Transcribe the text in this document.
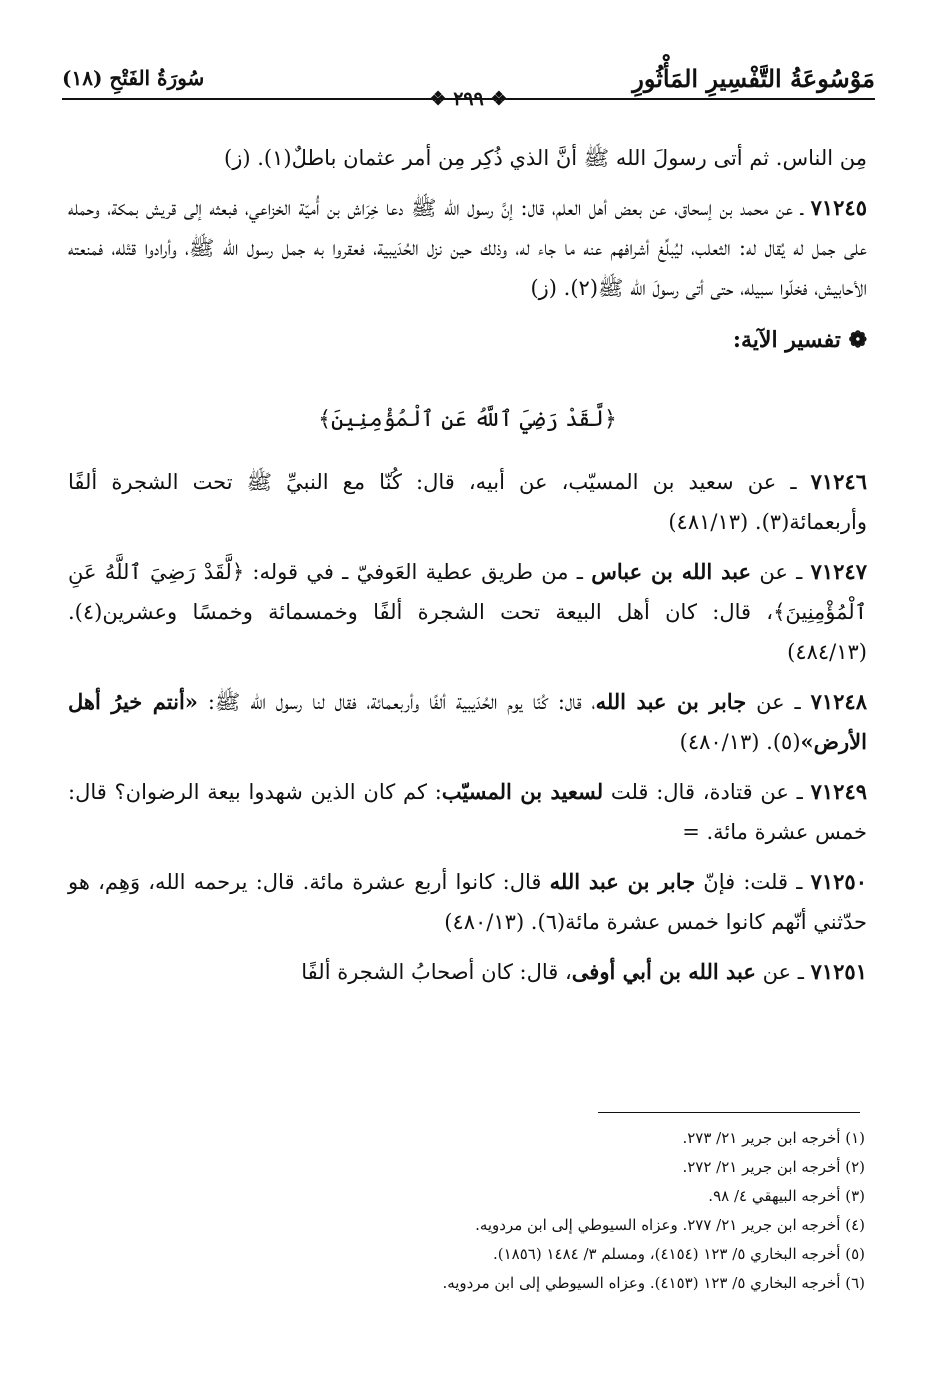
مَوْسُوعَةُ التَّفْسِيرِ المَأْثُورِ
سُورَةُ الفَتْحِ (١٨)
❖ ٢٩٩ ❖

مِن الناس. ثم أتى رسولَ الله ﷺ أنَّ الذي ذُكِر مِن أمر عثمان باطلٌ(١). (ز)

٧١٢٤٥ ـ عن محمد بن إسحاق، عن بعض أهل العلم، قال: إنَّ رسول الله ﷺ دعا خِرَاش بن أُميّة الخزاعي، فبعثه إلى قريش بمكة، وحمله على جمل له يُقال له: الثعلب، ليُبلِّغ أشرافهم عنه ما جاء له، وذلك حين نزل الحُدَيبية، فعقروا به جمل رسول الله ﷺ، وأرادوا قتْله، فمنعته الأحابيش، فخلّوا سبيله، حتى أتى رسولَ الله ﷺ(٢). (ز)

❁ تفسير الآية:

﴿لَّقَدْ رَضِيَ ٱللَّهُ عَنِ ٱلْمُؤْمِنِينَ﴾

٧١٢٤٦ ـ عن سعيد بن المسيّب، عن أبيه، قال: كُنّا مع النبيِّ ﷺ تحت الشجرة ألفًا وأربعمائة(٣). (٤٨١/١٣)

٧١٢٤٧ ـ عن عبد الله بن عباس ـ من طريق عطية العَوفيّ ـ في قوله: ﴿لَّقَدْ رَضِيَ ٱللَّهُ عَنِ ٱلْمُؤْمِنِينَ﴾، قال: كان أهل البيعة تحت الشجرة ألفًا وخمسمائة وخمسًا وعشرين(٤). (٤٨٤/١٣)

٧١٢٤٨ ـ عن جابر بن عبد الله، قال: كُنّا يوم الحُدَيبية ألفًا وأربعمائة، فقال لنا رسول الله ﷺ: «أنتم خيرُ أهل الأرض»(٥). (٤٨٠/١٣)

٧١٢٤٩ ـ عن قتادة، قال: قلت لسعيد بن المسيّب: كم كان الذين شهدوا بيعة الرضوان؟ قال: خمس عشرة مائة. =

٧١٢٥٠ ـ قلت: فإنّ جابر بن عبد الله قال: كانوا أربع عشرة مائة. قال: يرحمه الله، وَهِم، هو حدّثني أنّهم كانوا خمس عشرة مائة(٦). (٤٨٠/١٣)

٧١٢٥١ ـ عن عبد الله بن أبي أوفى، قال: كان أصحابُ الشجرة ألفًا

(١) أخرجه ابن جرير ٢١/ ٢٧٣.
(٢) أخرجه ابن جرير ٢١/ ٢٧٢.
(٣) أخرجه البيهقي ٤/ ٩٨.
(٤) أخرجه ابن جرير ٢١/ ٢٧٧. وعزاه السيوطي إلى ابن مردويه.
(٥) أخرجه البخاري ٥/ ١٢٣ (٤١٥٤)، ومسلم ٣/ ١٤٨٤ (١٨٥٦).
(٦) أخرجه البخاري ٥/ ١٢٣ (٤١٥٣). وعزاه السيوطي إلى ابن مردويه.
